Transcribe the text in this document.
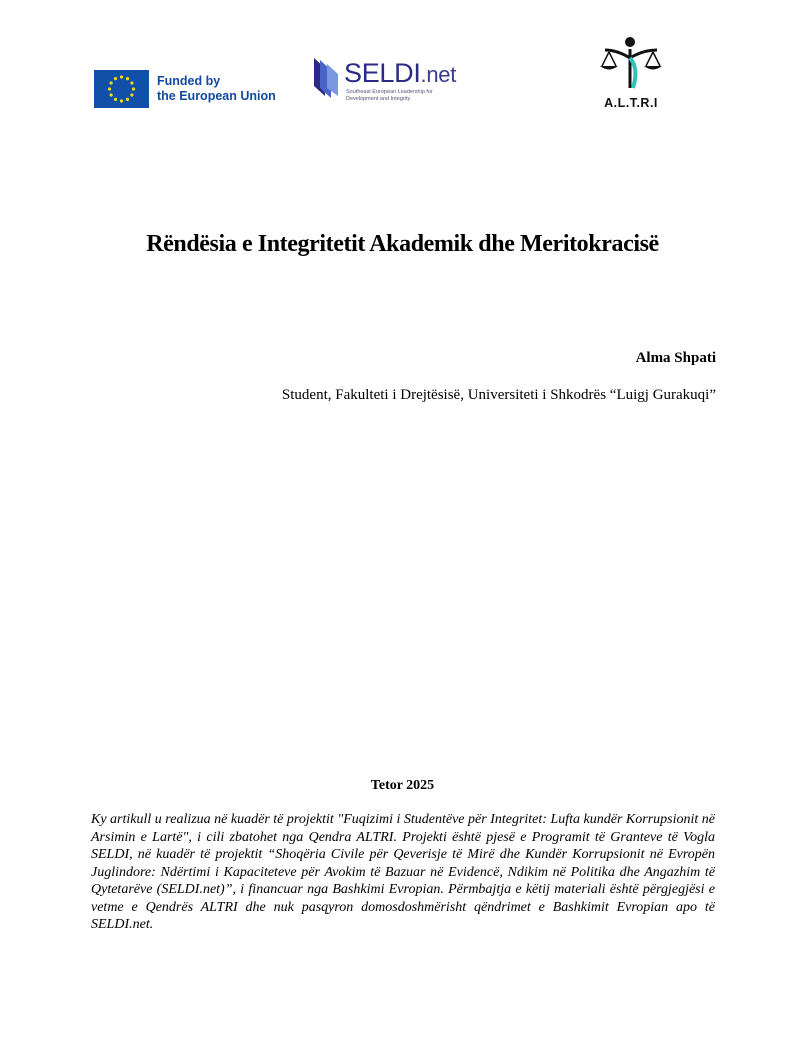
Funded by
the European Union
SELDI.net
Southeast European Leadership for Development and Integrity	A.L.T.R.I
Rëndësia e Integritetit Akademik dhe Meritokracisë
Alma Shpati
Student, Fakulteti i Drejtësisë, Universiteti i Shkodrës “Luigj Gurakuqi”
Tetor 2025

Ky artikull u realizua në kuadër të projektit "Fuqizimi i Studentëve për Integritet: Lufta kundër Korrupsionit në Arsimin e Lartë", i cili zbatohet nga Qendra ALTRI. Projekti është pjesë e Programit të Granteve të Vogla SELDI, në kuadër të projektit “Shoqëria Civile për Qeverisje të Mirë dhe Kundër Korrupsionit në Evropën Juglindore: Ndërtimi i Kapaciteteve për Avokim të Bazuar në Evidencë, Ndikim në Politika dhe Angazhim të Qytetarëve (SELDI.net)”, i financuar nga Bashkimi Evropian. Përmbajtja e këtij materiali është përgjegjësi e vetme e Qendrës ALTRI dhe nuk pasqyron domosdoshmërisht qëndrimet e Bashkimit Evropian apo të SELDI.net.
